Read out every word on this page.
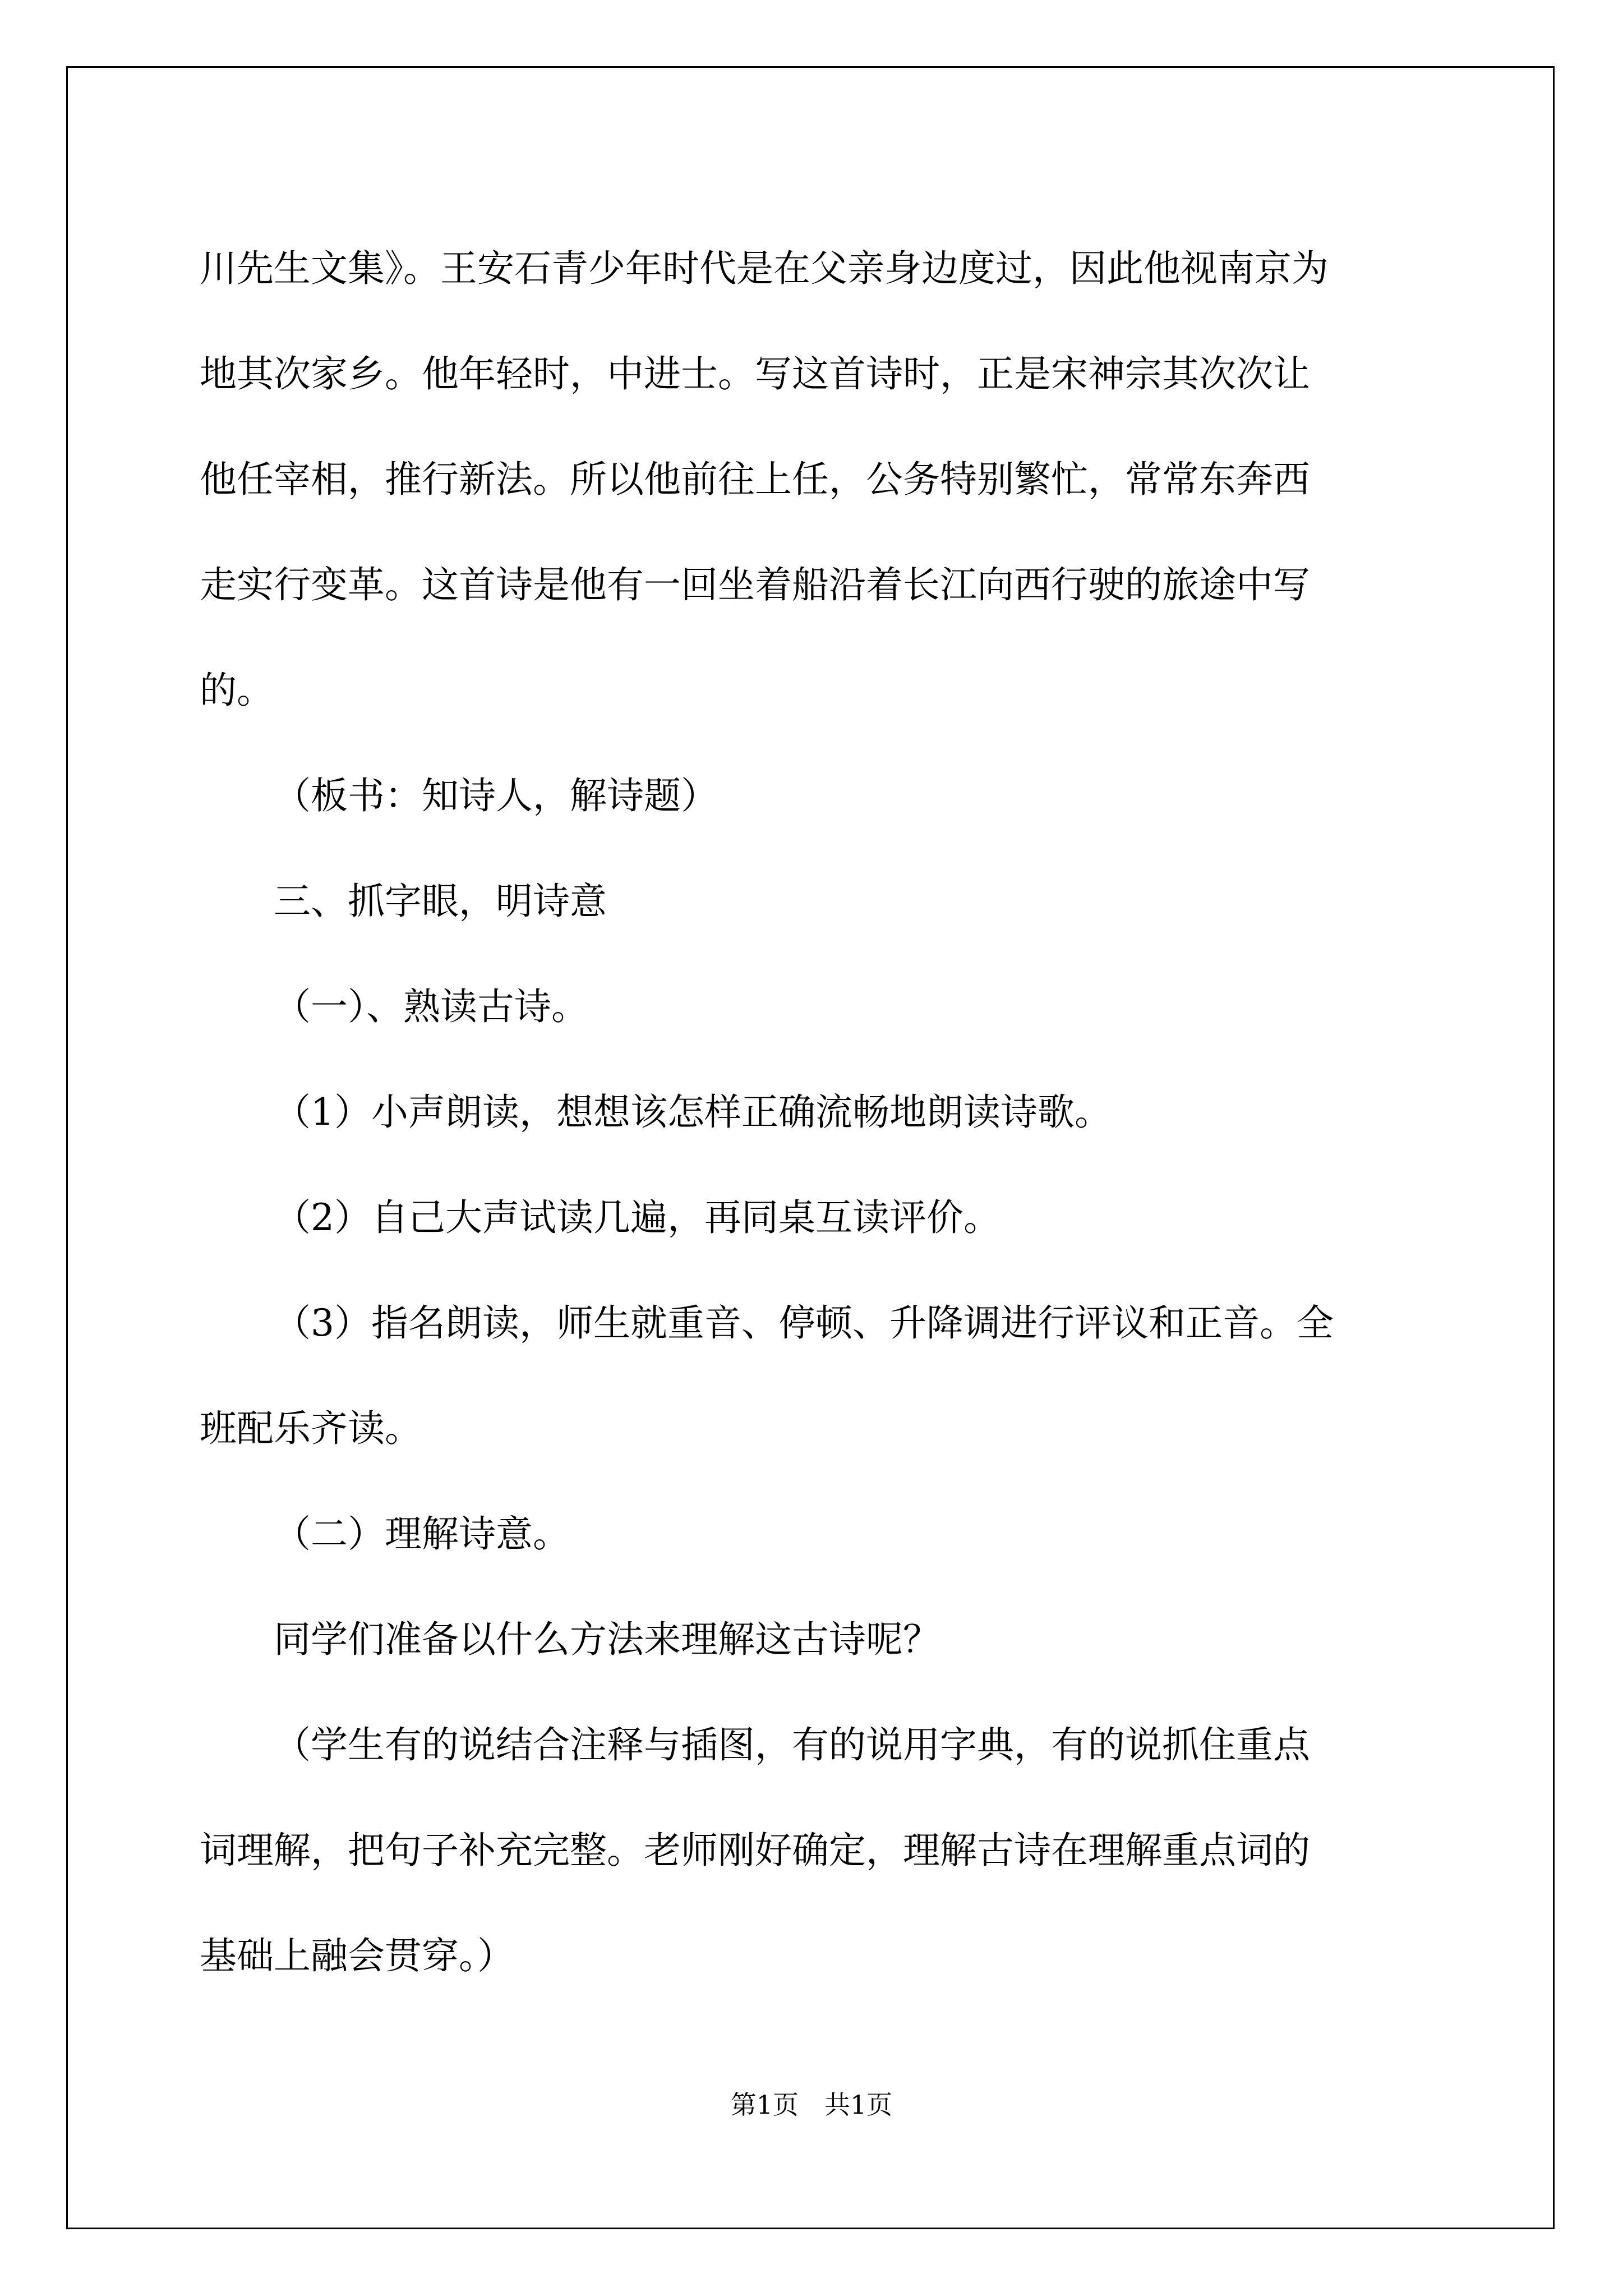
川先生文集》。王安石青少年时代是在父亲身边度过，因此他视南京为

地其次家乡。他年轻时，中进士。写这首诗时，正是宋神宗其次次让

他任宰相，推行新法。所以他前往上任，公务特别繁忙，常常东奔西

走实行变革。这首诗是他有一回坐着船沿着长江向西行驶的旅途中写

的。

（板书：知诗人，解诗题）

三、抓字眼，明诗意

（一）、熟读古诗。

（1）小声朗读，想想该怎样正确流畅地朗读诗歌。

（2）自己大声试读几遍，再同桌互读评价。

（3）指名朗读，师生就重音、停顿、升降调进行评议和正音。全

班配乐齐读。

（二）理解诗意。

同学们准备以什么方法来理解这古诗呢？

（学生有的说结合注释与插图，有的说用字典，有的说抓住重点

词理解，把句子补充完整。老师刚好确定，理解古诗在理解重点词的

基础上融会贯穿。）

第1页　共1页
